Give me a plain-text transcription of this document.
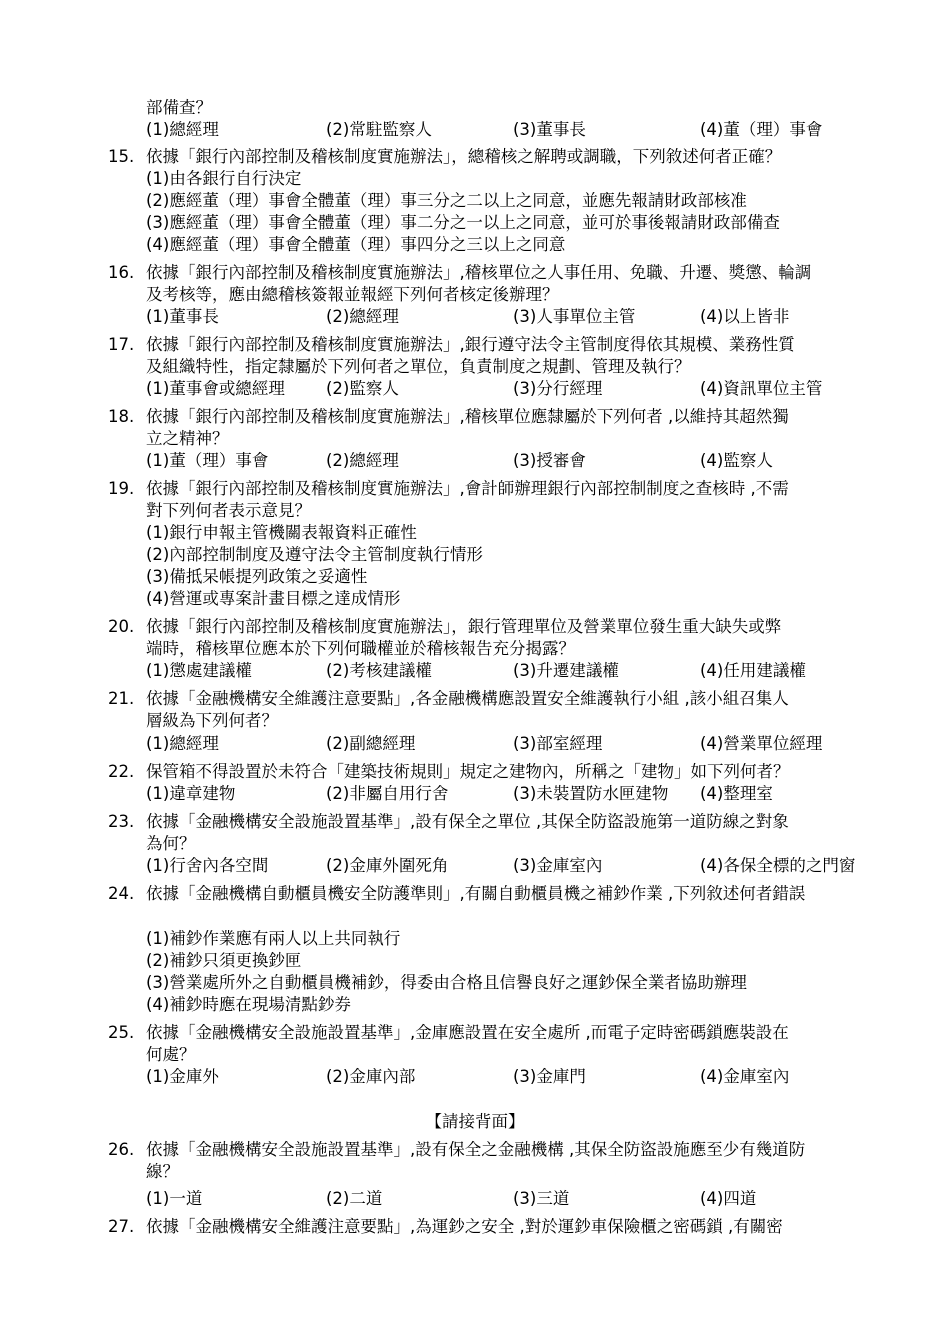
部備查？
(1)總經理	(2)常駐監察人	(3)董事長	(4)董（理）事會
15. 依據「銀行內部控制及稽核制度實施辦法」，總稽核之解聘或調職，下列敘述何者正確？
(1)由各銀行自行決定
(2)應經董（理）事會全體董（理）事三分之二以上之同意，並應先報請財政部核准
(3)應經董（理）事會全體董（理）事二分之一以上之同意，並可於事後報請財政部備查
(4)應經董（理）事會全體董（理）事四分之三以上之同意
16. 依據「銀行內部控制及稽核制度實施辦法」,稽核單位之人事任用、免職、升遷、獎懲、輪調
及考核等，應由總稽核簽報並報經下列何者核定後辦理？
(1)董事長	(2)總經理	(3)人事單位主管	(4)以上皆非
17. 依據「銀行內部控制及稽核制度實施辦法」,銀行遵守法令主管制度得依其規模、業務性質
及組織特性，指定隸屬於下列何者之單位，負責制度之規劃、管理及執行？
(1)董事會或總經理 (2)監察人	(3)分行經理	(4)資訊單位主管
18. 依據「銀行內部控制及稽核制度實施辦法」,稽核單位應隸屬於下列何者 ,以維持其超然獨
立之精神？
(1)董（理）事會	(2)總經理	(3)授審會	(4)監察人
19. 依據「銀行內部控制及稽核制度實施辦法」,會計師辦理銀行內部控制制度之查核時 ,不需
對下列何者表示意見？
(1)銀行申報主管機關表報資料正確性
(2)內部控制制度及遵守法令主管制度執行情形
(3)備抵呆帳提列政策之妥適性
(4)營運或專案計畫目標之達成情形
20. 依據「銀行內部控制及稽核制度實施辦法」，銀行管理單位及營業單位發生重大缺失或弊
端時，稽核單位應本於下列何職權並於稽核報告充分揭露？
(1)懲處建議權	(2)考核建議權	(3)升遷建議權	(4)任用建議權
21. 依據「金融機構安全維護注意要點」,各金融機構應設置安全維護執行小組 ,該小組召集人
層級為下列何者？
(1)總經理	(2)副總經理	(3)部室經理	(4)營業單位經理
22. 保管箱不得設置於未符合「建築技術規則」規定之建物內，所稱之「建物」如下列何者？
(1)違章建物	(2)非屬自用行舍	(3)未裝置防水匣建物 (4)整理室
23. 依據「金融機構安全設施設置基準」,設有保全之單位 ,其保全防盜設施第一道防線之對象
為何？
(1)行舍內各空間	(2)金庫外圍死角	(3)金庫室內	(4)各保全標的之門窗
24. 依據「金融機構自動櫃員機安全防護準則」,有關自動櫃員機之補鈔作業 ,下列敘述何者錯誤
(1)補鈔作業應有兩人以上共同執行
(2)補鈔只須更換鈔匣
(3)營業處所外之自動櫃員機補鈔，得委由合格且信譽良好之運鈔保全業者協助辦理
(4)補鈔時應在現場清點鈔券
25. 依據「金融機構安全設施設置基準」,金庫應設置在安全處所 ,而電子定時密碼鎖應裝設在
何處？
(1)金庫外	(2)金庫內部	(3)金庫門	(4)金庫室內
【請接背面】
26. 依據「金融機構安全設施設置基準」,設有保全之金融機構 ,其保全防盜設施應至少有幾道防
線？
(1)一道	(2)二道	(3)三道	(4)四道
27. 依據「金融機構安全維護注意要點」,為運鈔之安全 ,對於運鈔車保險櫃之密碼鎖 ,有關密
